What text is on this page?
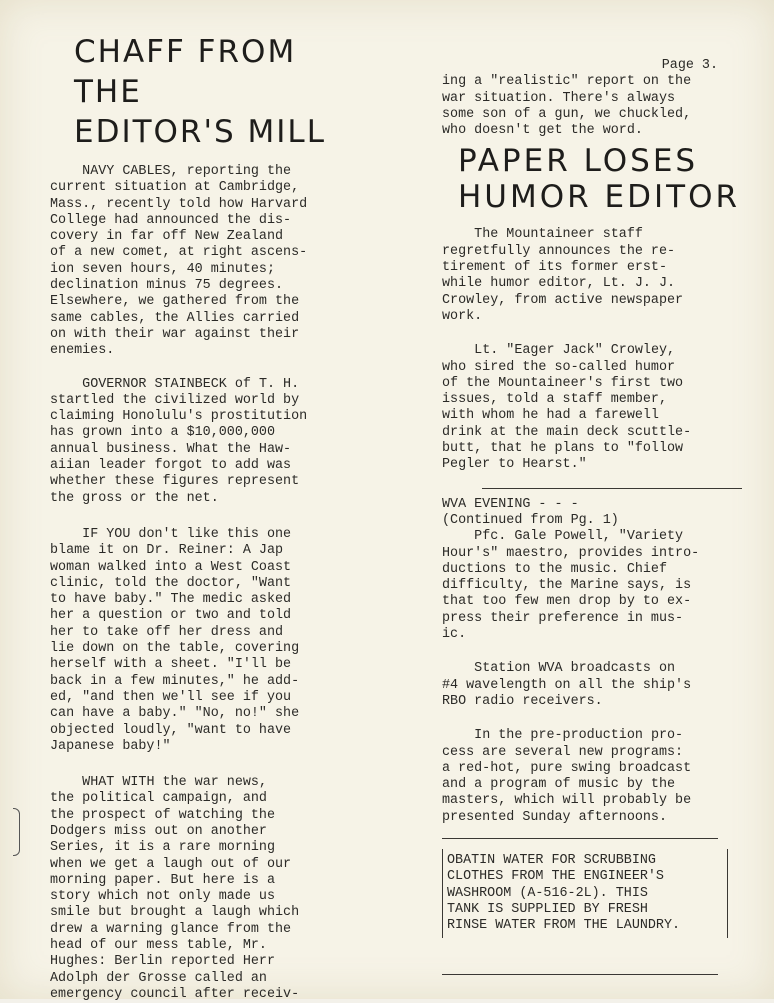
CHAFF FROM THE
EDITOR'S MILL

NAVY CABLES, reporting the
current situation at Cambridge,
Mass., recently told how Harvard
College had announced the dis-
covery in far off New Zealand
of a new comet, at right ascens-
ion seven hours, 40 minutes;
declination minus 75 degrees.
Elsewhere, we gathered from the
same cables, the Allies carried
on with their war against their
enemies.

GOVERNOR STAINBECK of T. H.
startled the civilized world by
claiming Honolulu's prostitution
has grown into a $10,000,000
annual business. What the Haw-
aiian leader forgot to add was
whether these figures represent
the gross or the net.

IF YOU don't like this one
blame it on Dr. Reiner: A Jap
woman walked into a West Coast
clinic, told the doctor, "Want
to have baby." The medic asked
her a question or two and told
her to take off her dress and
lie down on the table, covering
herself with a sheet. "I'll be
back in a few minutes," he add-
ed, "and then we'll see if you
can have a baby." "No, no!" she
objected loudly, "want to have
Japanese baby!"

WHAT WITH the war news,
the political campaign, and
the prospect of watching the
Dodgers miss out on another
Series, it is a rare morning
when we get a laugh out of our
morning paper. But here is a
story which not only made us
smile but brought a laugh which
drew a warning glance from the
head of our mess table, Mr.
Hughes: Berlin reported Herr
Adolph der Grosse called an
emergency council after receiv-

Page 3.

ing a "realistic" report on the
war situation. There's always
some son of a gun, we chuckled,
who doesn't get the word.

PAPER LOSES
HUMOR EDITOR

The Mountaineer staff
regretfully announces the re-
tirement of its former erst-
while humor editor, Lt. J. J.
Crowley, from active newspaper
work.

Lt. "Eager Jack" Crowley,
who sired the so-called humor
of the Mountaineer's first two
issues, told a staff member,
with whom he had a farewell
drink at the main deck scuttle-
butt, that he plans to "follow
Pegler to Hearst."

WVA EVENING - - -

(Continued from Pg. 1)

Pfc. Gale Powell, "Variety
Hour's" maestro, provides intro-
ductions to the music. Chief
difficulty, the Marine says, is
that too few men drop by to ex-
press their preference in mus-
ic.

Station WVA broadcasts on
#4 wavelength on all the ship's
RBO radio receivers.

In the pre-production pro-
cess are several new programs:
a red-hot, pure swing broadcast
and a program of music by the
masters, which will probably be
presented Sunday afternoons.

OBATIN WATER FOR SCRUBBING
CLOTHES FROM THE ENGINEER'S
WASHROOM (A-516-2L). THIS
TANK IS SUPPLIED BY FRESH
RINSE WATER FROM THE LAUNDRY.
